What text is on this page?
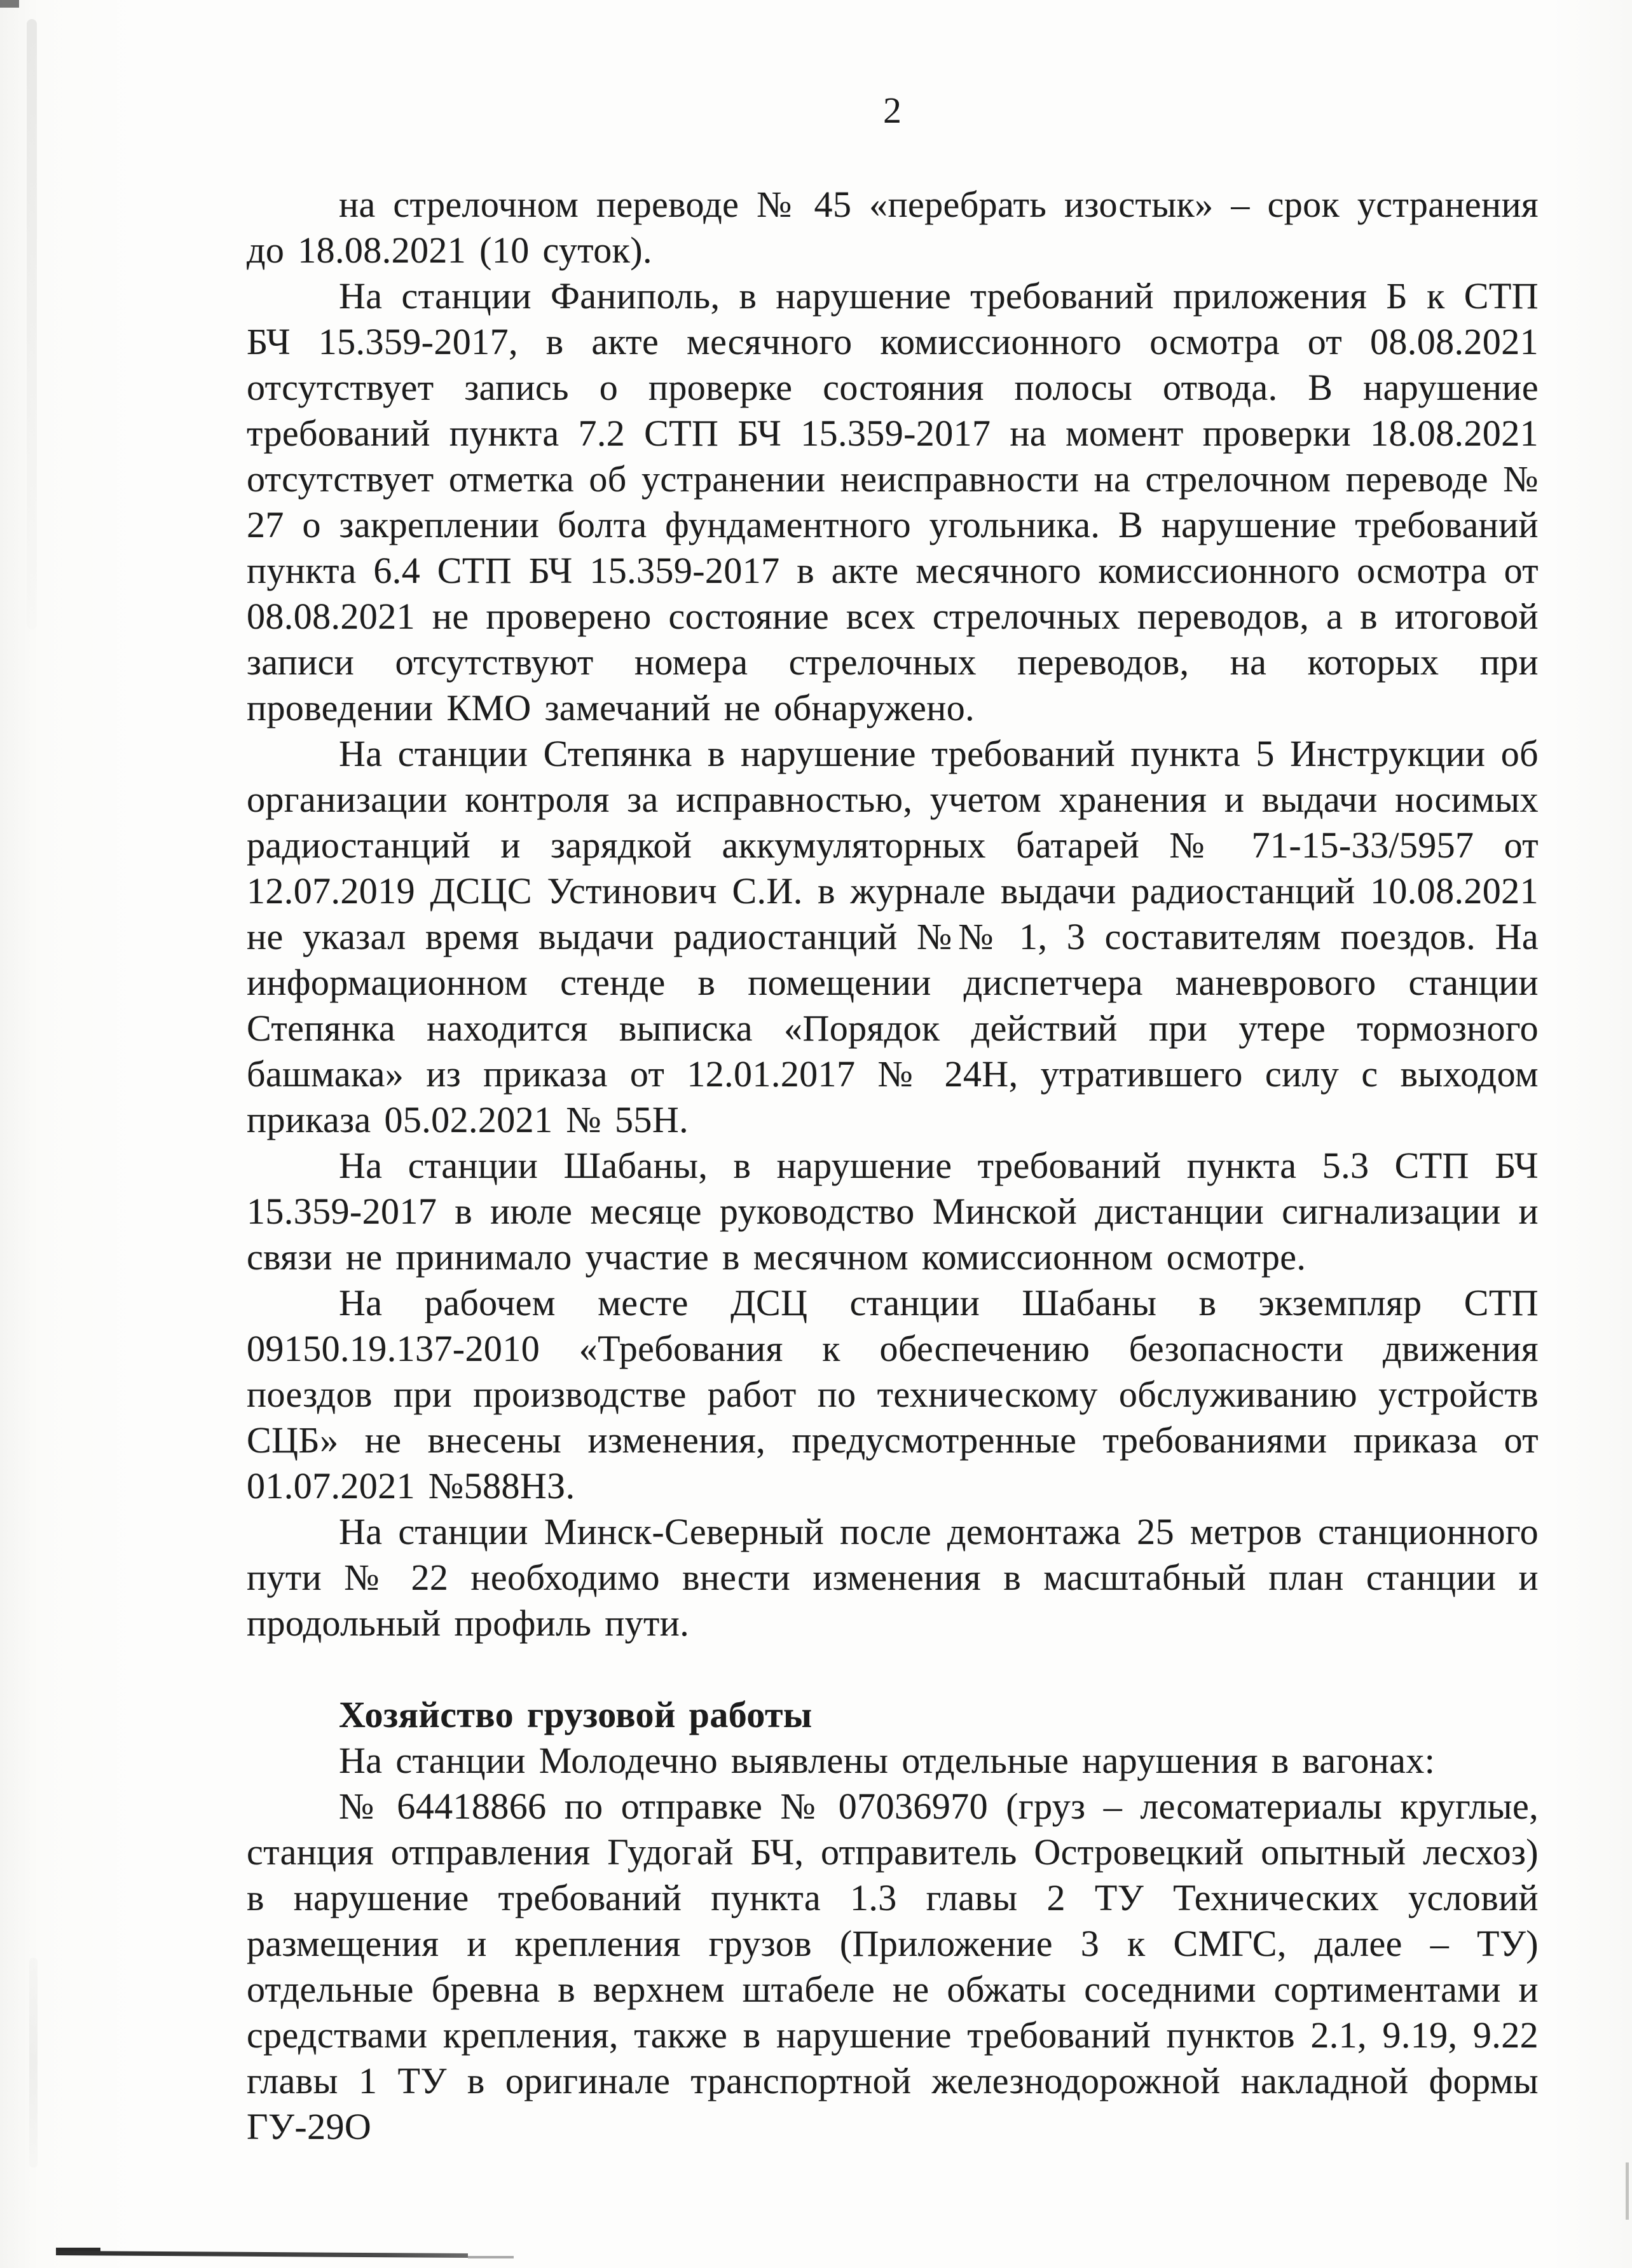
2

на стрелочном переводе № 45 «перебрать изостык» – срок устранения до 18.08.2021 (10 суток).

На станции Фаниполь, в нарушение требований приложения Б к СТП БЧ 15.359-2017, в акте месячного комиссионного осмотра от 08.08.2021 отсутствует запись о проверке состояния полосы отвода. В нарушение требований пункта 7.2 СТП БЧ 15.359-2017 на момент проверки 18.08.2021 отсутствует отметка об устранении неисправности на стрелочном переводе № 27 о закреплении болта фундаментного угольника. В нарушение требований пункта 6.4 СТП БЧ 15.359-2017 в акте месячного комиссионного осмотра от 08.08.2021 не проверено состояние всех стрелочных переводов, а в итоговой записи отсутствуют номера стрелочных переводов, на которых при проведении КМО замечаний не обнаружено.

На станции Степянка в нарушение требований пункта 5 Инструкции об организации контроля за исправностью, учетом хранения и выдачи носимых радиостанций и зарядкой аккумуляторных батарей № 71-15-33/5957 от 12.07.2019 ДСЦС Устинович С.И. в журнале выдачи радиостанций 10.08.2021 не указал время выдачи радиостанций №№ 1, 3 составителям поездов. На информационном стенде в помещении диспетчера маневрового станции Степянка находится выписка «Порядок действий при утере тормозного башмака» из приказа от 12.01.2017 № 24Н, утратившего силу с выходом приказа 05.02.2021 № 55Н.

На станции Шабаны, в нарушение требований пункта 5.3 СТП БЧ 15.359-2017 в июле месяце руководство Минской дистанции сигнализации и связи не принимало участие в месячном комиссионном осмотре.

На рабочем месте ДСЦ станции Шабаны в экземпляр СТП 09150.19.137-2010 «Требования к обеспечению безопасности движения поездов при производстве работ по техническому обслуживанию устройств СЦБ» не внесены изменения, предусмотренные требованиями приказа от 01.07.2021 №588НЗ.

На станции Минск-Северный после демонтажа 25 метров станционного пути № 22 необходимо внести изменения в масштабный план станции и продольный профиль пути.

Хозяйство грузовой работы

На станции Молодечно выявлены отдельные нарушения в вагонах:

№ 64418866 по отправке № 07036970 (груз – лесоматериалы круглые, станция отправления Гудогай БЧ, отправитель Островецкий опытный лесхоз) в нарушение требований пункта 1.3 главы 2 ТУ Технических условий размещения и крепления грузов (Приложение 3 к СМГС, далее – ТУ) отдельные бревна в верхнем штабеле не обжаты соседними сортиментами и средствами крепления, также в нарушение требований пунктов 2.1, 9.19, 9.22 главы 1 ТУ в оригинале транспортной железнодорожной накладной формы ГУ-29О
